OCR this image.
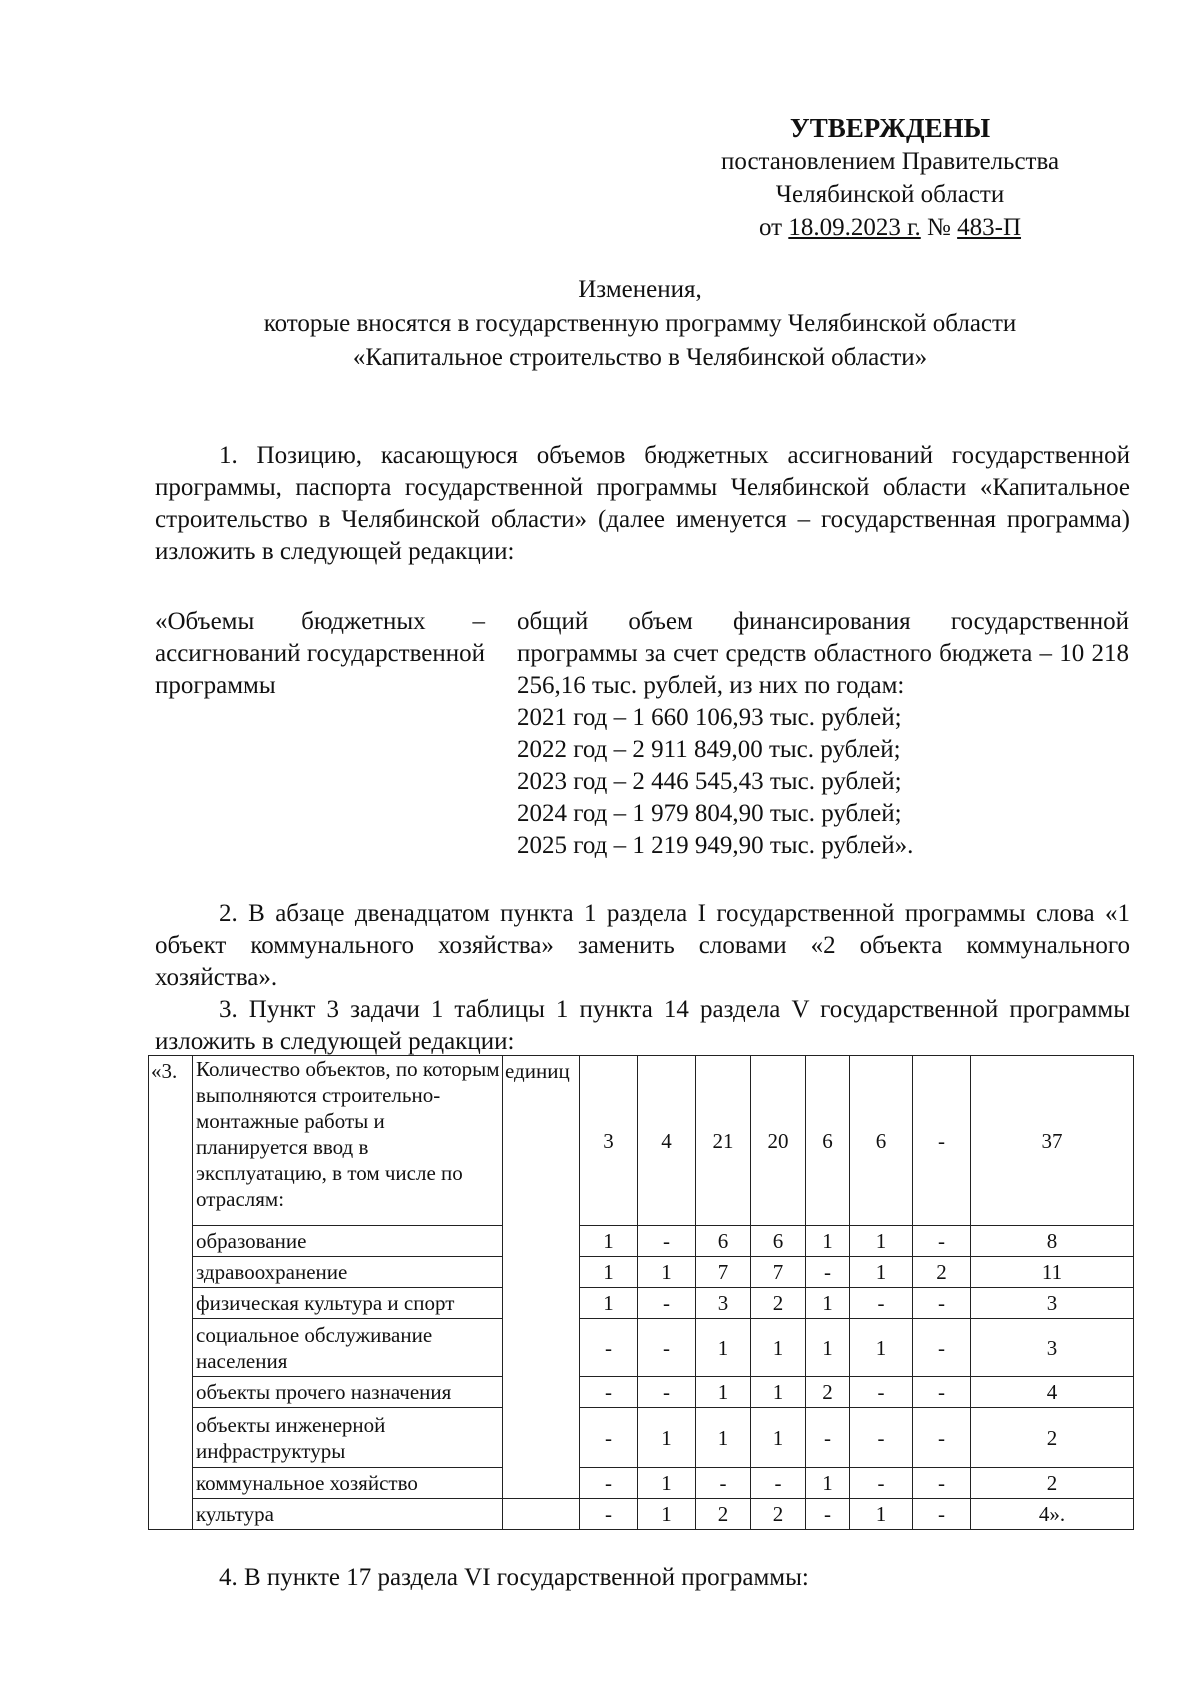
УТВЕРЖДЕНЫ
постановлением Правительства
Челябинской области
от 18.09.2023 г. № 483-П
Изменения,
которые вносятся в государственную программу Челябинской области
«Капитальное строительство в Челябинской области»
1. Позицию, касающуюся объемов бюджетных ассигнований государственной программы, паспорта государственной программы Челябинской области «Капитальное строительство в Челябинской области» (далее именуется – государственная программа) изложить в следующей редакции:
«Объемы бюджетных – ассигнований государственной программы
общий объем финансирования государственной программы за счет средств областного бюджета – 10 218 256,16 тыс. рублей, из них по годам:
2021 год – 1 660 106,93 тыс. рублей;
2022 год – 2 911 849,00 тыс. рублей;
2023 год – 2 446 545,43 тыс. рублей;
2024 год – 1 979 804,90 тыс. рублей;
2025 год – 1 219 949,90 тыс. рублей».
2. В абзаце двенадцатом пункта 1 раздела I государственной программы слова «1 объект коммунального хозяйства» заменить словами «2 объекта коммунального хозяйства».
3. Пункт 3 задачи 1 таблицы 1 пункта 14 раздела V государственной программы изложить в следующей редакции:
«3.	Количество объектов, по которым выполняются строительно-монтажные работы и планируется ввод в эксплуатацию, в том числе по отраслям:	единиц	3	4	21	20	6	6	-	37
	образование		1	-	6	6	1	1	-	8
	здравоохранение		1	1	7	7	-	1	2	11
	физическая культура и спорт		1	-	3	2	1	-	-	3
	социальное обслуживание населения		-	-	1	1	1	1	-	3
	объекты прочего назначения		-	-	1	1	2	-	-	4
	объекты инженерной инфраструктуры		-	1	1	1	-	-	-	2
	коммунальное хозяйство		-	1	-	-	1	-	-	2
	культура		-	1	2	2	-	1	-	4».
4. В пункте 17 раздела VI государственной программы:
